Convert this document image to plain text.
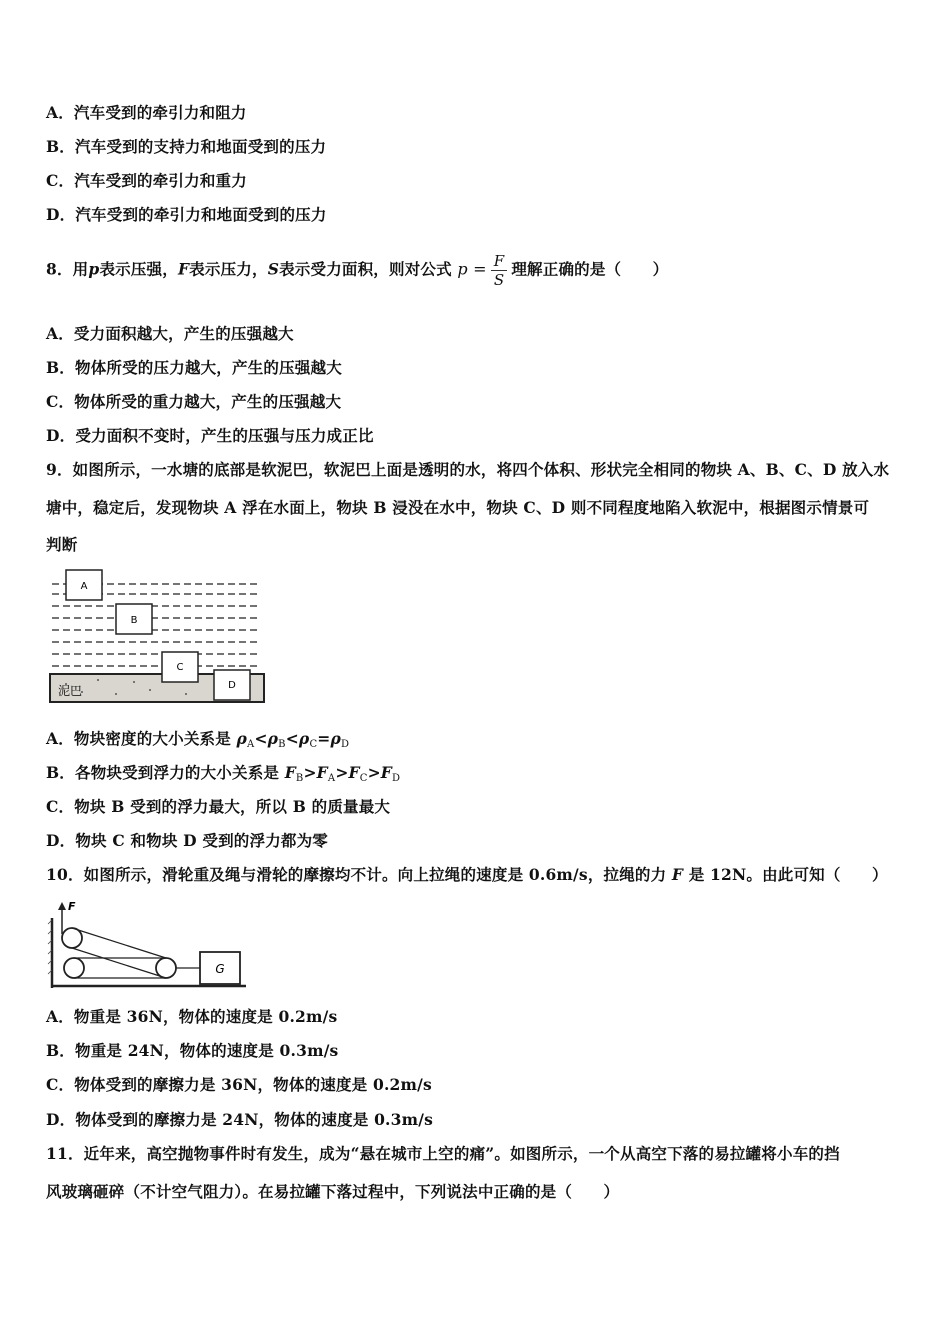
A．汽车受到的牵引力和阻力
B．汽车受到的支持力和地面受到的压力
C．汽车受到的牵引力和重力
D．汽车受到的牵引力和地面受到的压力
8．用p表示压强，F表示压力，S表示受力面积，则对公式 $p = \frac{F}{S}$ 理解正确的是（　　）
A．受力面积越大，产生的压强越大
B．物体所受的压力越大，产生的压强越大
C．物体所受的重力越大，产生的压强越大
D．受力面积不变时，产生的压强与压力成正比
9．如图所示，一水塘的底部是软泥巴，软泥巴上面是透明的水，将四个体积、形状完全相同的物块 A、B、C、D 放入水
塘中，稳定后，发现物块 A 浮在水面上，物块 B 浸没在水中，物块 C、D 则不同程度地陷入软泥中，根据图示情景可
判断
A
B
C
D
泥巴
A．物块密度的大小关系是 $\rho_A<\rho_B<\rho_C=\rho_D$
B．各物块受到浮力的大小关系是 $F_B>F_A>F_C>F_D$
C．物块 B 受到的浮力最大，所以 B 的质量最大
D．物块 C 和物块 D 受到的浮力都为零
10．如图所示，滑轮重及绳与滑轮的摩擦均不计。向上拉绳的速度是 0.6m/s，拉绳的力 F 是 12N。由此可知（　　）
F
G
A．物重是 36N，物体的速度是 0.2m/s
B．物重是 24N，物体的速度是 0.3m/s
C．物体受到的摩擦力是 36N，物体的速度是 0.2m/s
D．物体受到的摩擦力是 24N，物体的速度是 0.3m/s
11．近年来，高空抛物事件时有发生，成为“悬在城市上空的痛”。如图所示，一个从高空下落的易拉罐将小车的挡
风玻璃砸碎（不计空气阻力）。在易拉罐下落过程中，下列说法中正确的是（　　）
